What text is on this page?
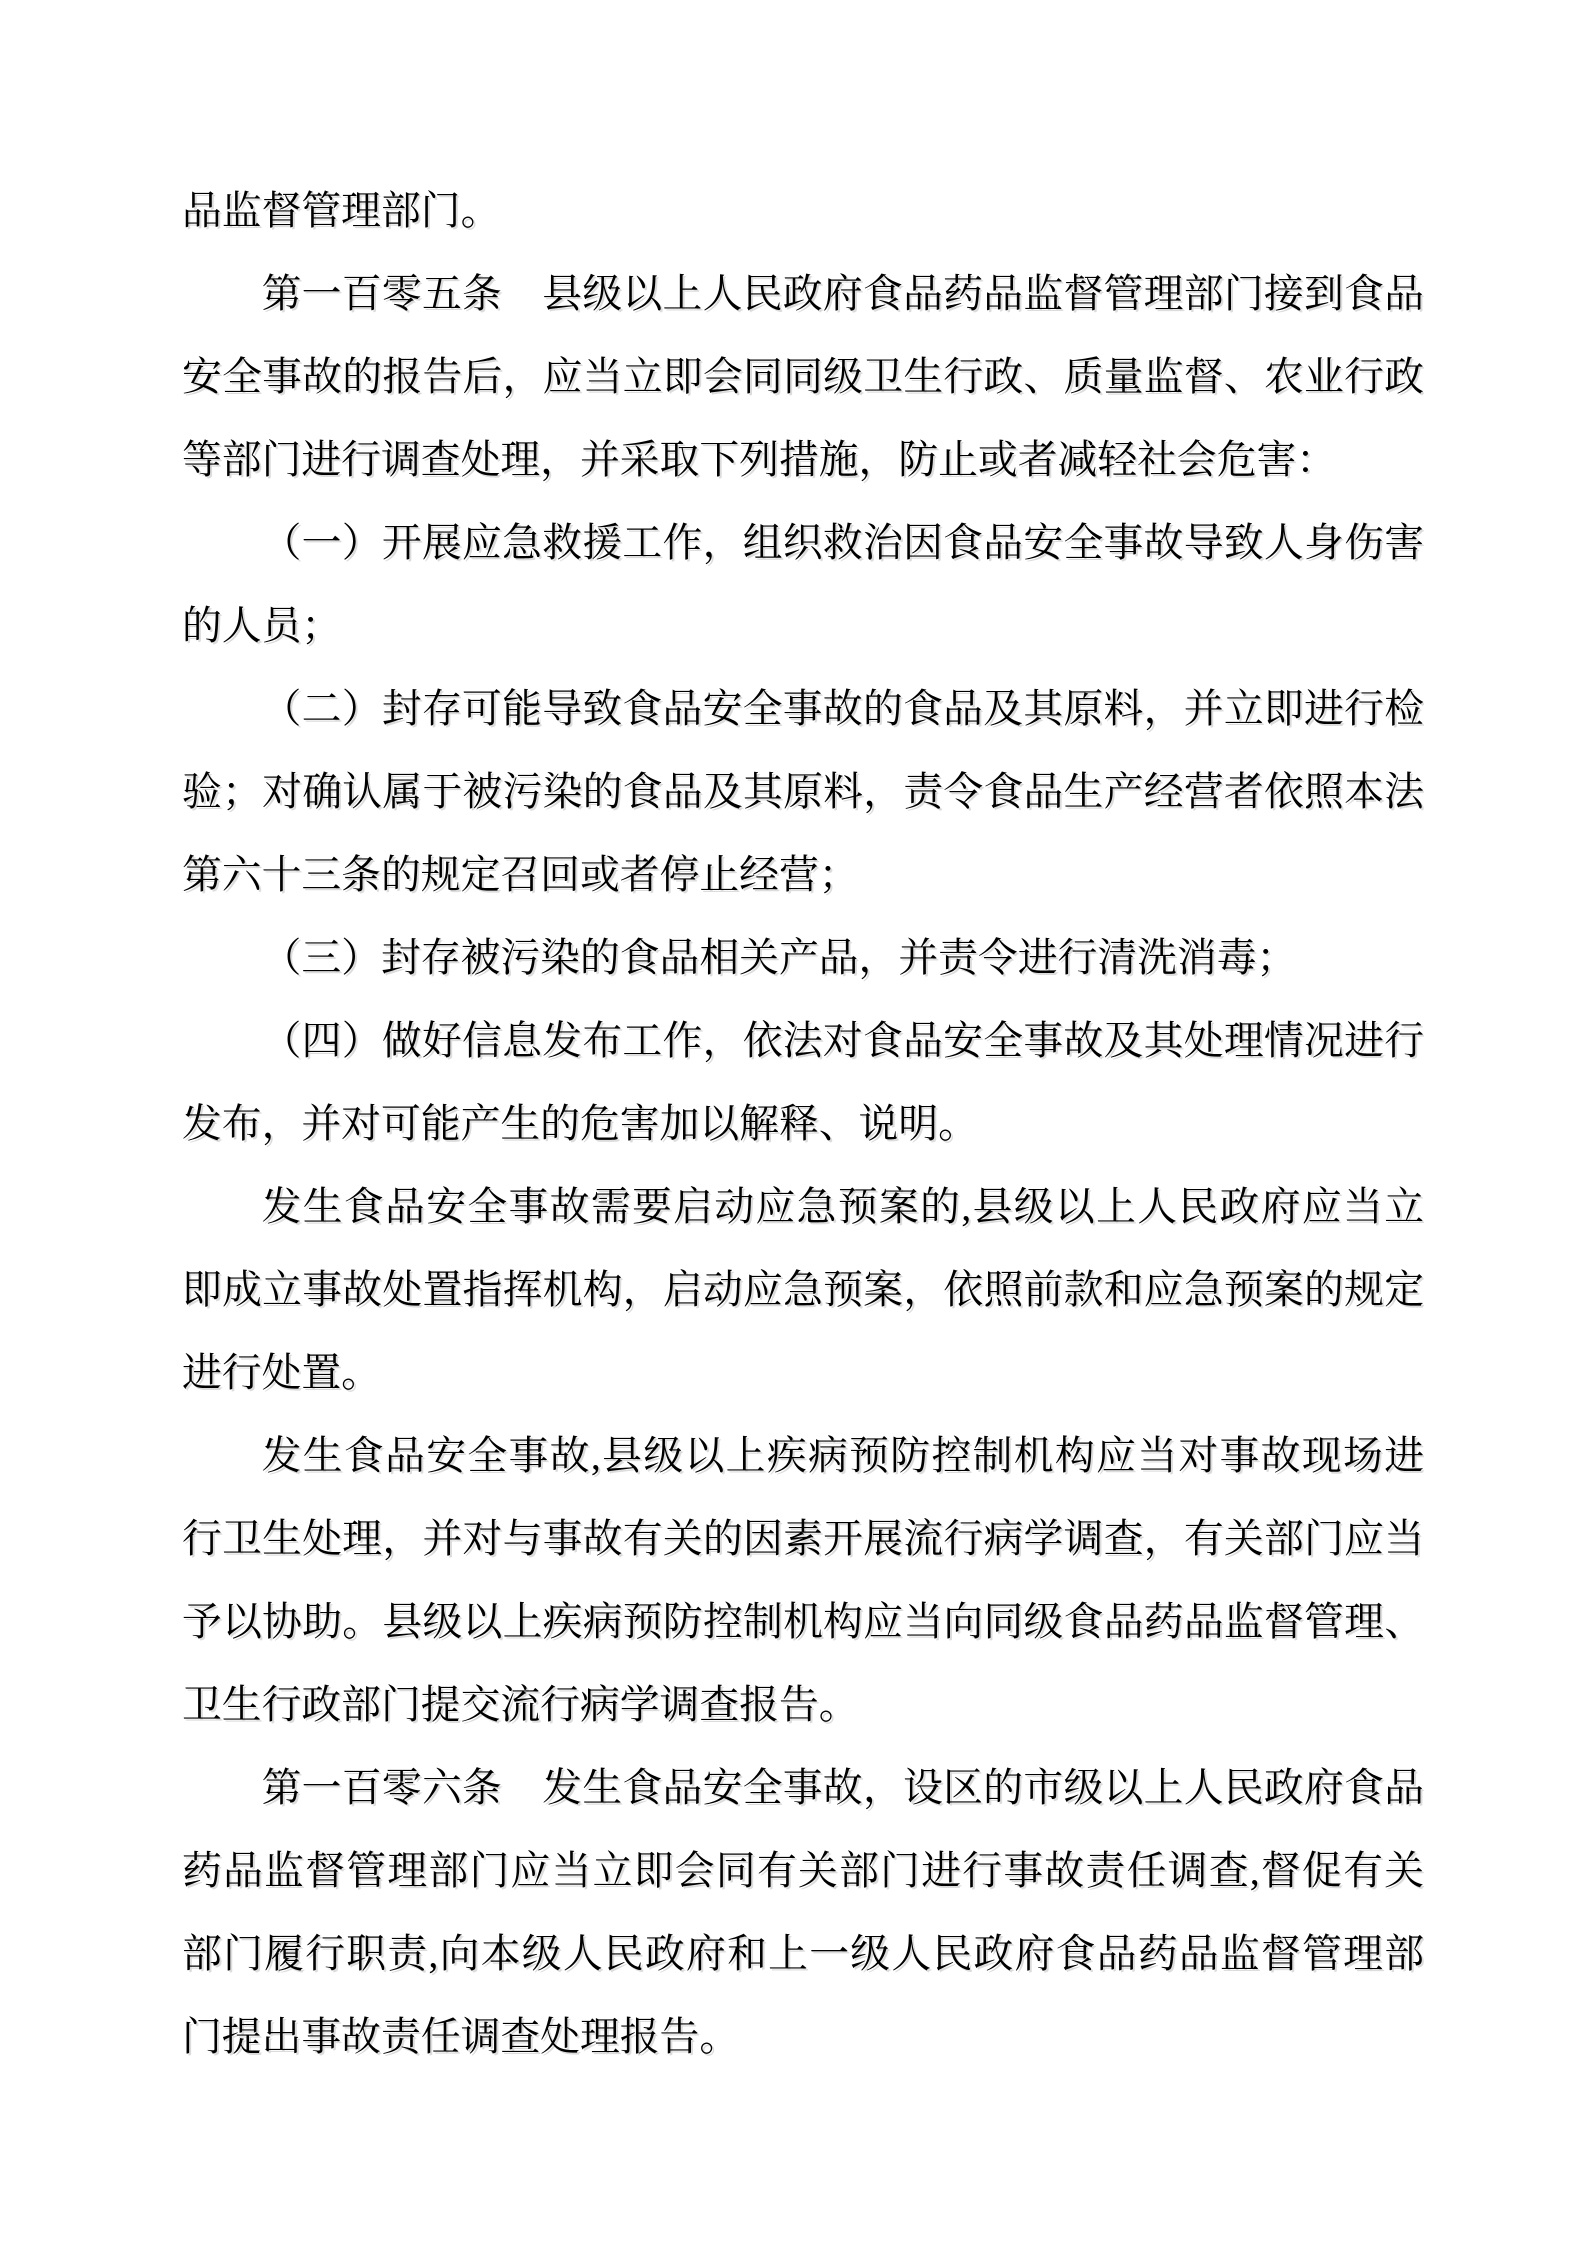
品监督管理部门。

第一百零五条　县级以上人民政府食品药品监督管理部门接到食品

安全事故的报告后，应当立即会同同级卫生行政、质量监督、农业行政

等部门进行调查处理，并采取下列措施，防止或者减轻社会危害：

（一）开展应急救援工作，组织救治因食品安全事故导致人身伤害

的人员；

（二）封存可能导致食品安全事故的食品及其原料，并立即进行检

验；对确认属于被污染的食品及其原料，责令食品生产经营者依照本法

第六十三条的规定召回或者停止经营；

（三）封存被污染的食品相关产品，并责令进行清洗消毒；

（四）做好信息发布工作，依法对食品安全事故及其处理情况进行

发布，并对可能产生的危害加以解释、说明。

发生食品安全事故需要启动应急预案的,县级以上人民政府应当立

即成立事故处置指挥机构，启动应急预案，依照前款和应急预案的规定

进行处置。

发生食品安全事故,县级以上疾病预防控制机构应当对事故现场进

行卫生处理，并对与事故有关的因素开展流行病学调查，有关部门应当

予以协助。县级以上疾病预防控制机构应当向同级食品药品监督管理、

卫生行政部门提交流行病学调查报告。

第一百零六条　发生食品安全事故，设区的市级以上人民政府食品

药品监督管理部门应当立即会同有关部门进行事故责任调查,督促有关

部门履行职责,向本级人民政府和上一级人民政府食品药品监督管理部

门提出事故责任调查处理报告。
